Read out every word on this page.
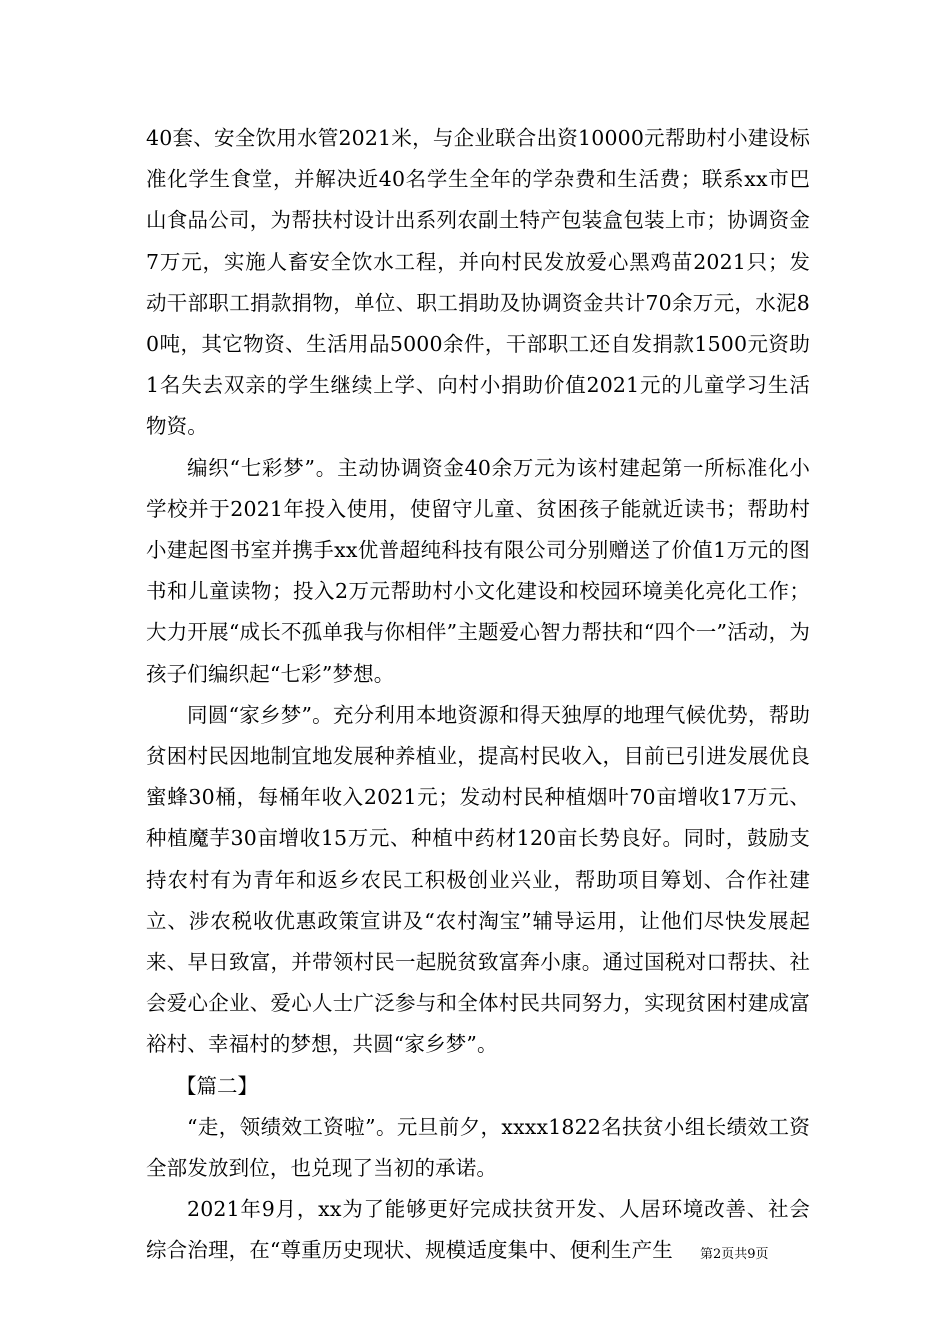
40套、安全饮用水管2021米，与企业联合出资10000元帮助村小建设标准化学生食堂，并解决近40名学生全年的学杂费和生活费；联系xx市巴山食品公司，为帮扶村设计出系列农副土特产包装盒包装上市；协调资金7万元，实施人畜安全饮水工程，并向村民发放爱心黑鸡苗2021只；发动干部职工捐款捐物，单位、职工捐助及协调资金共计70余万元，水泥80吨，其它物资、生活用品5000余件，干部职工还自发捐款1500元资助1名失去双亲的学生继续上学、向村小捐助价值2021元的儿童学习生活物资。

编织“七彩梦”。主动协调资金40余万元为该村建起第一所标准化小学校并于2021年投入使用，使留守儿童、贫困孩子能就近读书；帮助村小建起图书室并携手xx优普超纯科技有限公司分别赠送了价值1万元的图书和儿童读物；投入2万元帮助村小文化建设和校园环境美化亮化工作；大力开展“成长不孤单我与你相伴”主题爱心智力帮扶和“四个一”活动，为孩子们编织起“七彩”梦想。

同圆“家乡梦”。充分利用本地资源和得天独厚的地理气候优势，帮助贫困村民因地制宜地发展种养植业，提高村民收入，目前已引进发展优良蜜蜂30桶，每桶年收入2021元；发动村民种植烟叶70亩增收17万元、种植魔芋30亩增收15万元、种植中药材120亩长势良好。同时，鼓励支持农村有为青年和返乡农民工积极创业兴业，帮助项目筹划、合作社建立、涉农税收优惠政策宣讲及“农村淘宝”辅导运用，让他们尽快发展起来、早日致富，并带领村民一起脱贫致富奔小康。通过国税对口帮扶、社会爱心企业、爱心人士广泛参与和全体村民共同努力，实现贫困村建成富裕村、幸福村的梦想，共圆“家乡梦”。

【篇二】

“走，领绩效工资啦”。元旦前夕，xxxx1822名扶贫小组长绩效工资全部发放到位，也兑现了当初的承诺。

2021年9月，xx为了能够更好完成扶贫开发、人居环境改善、社会综合治理，在“尊重历史现状、规模适度集中、便利生产生	第2页共9页
